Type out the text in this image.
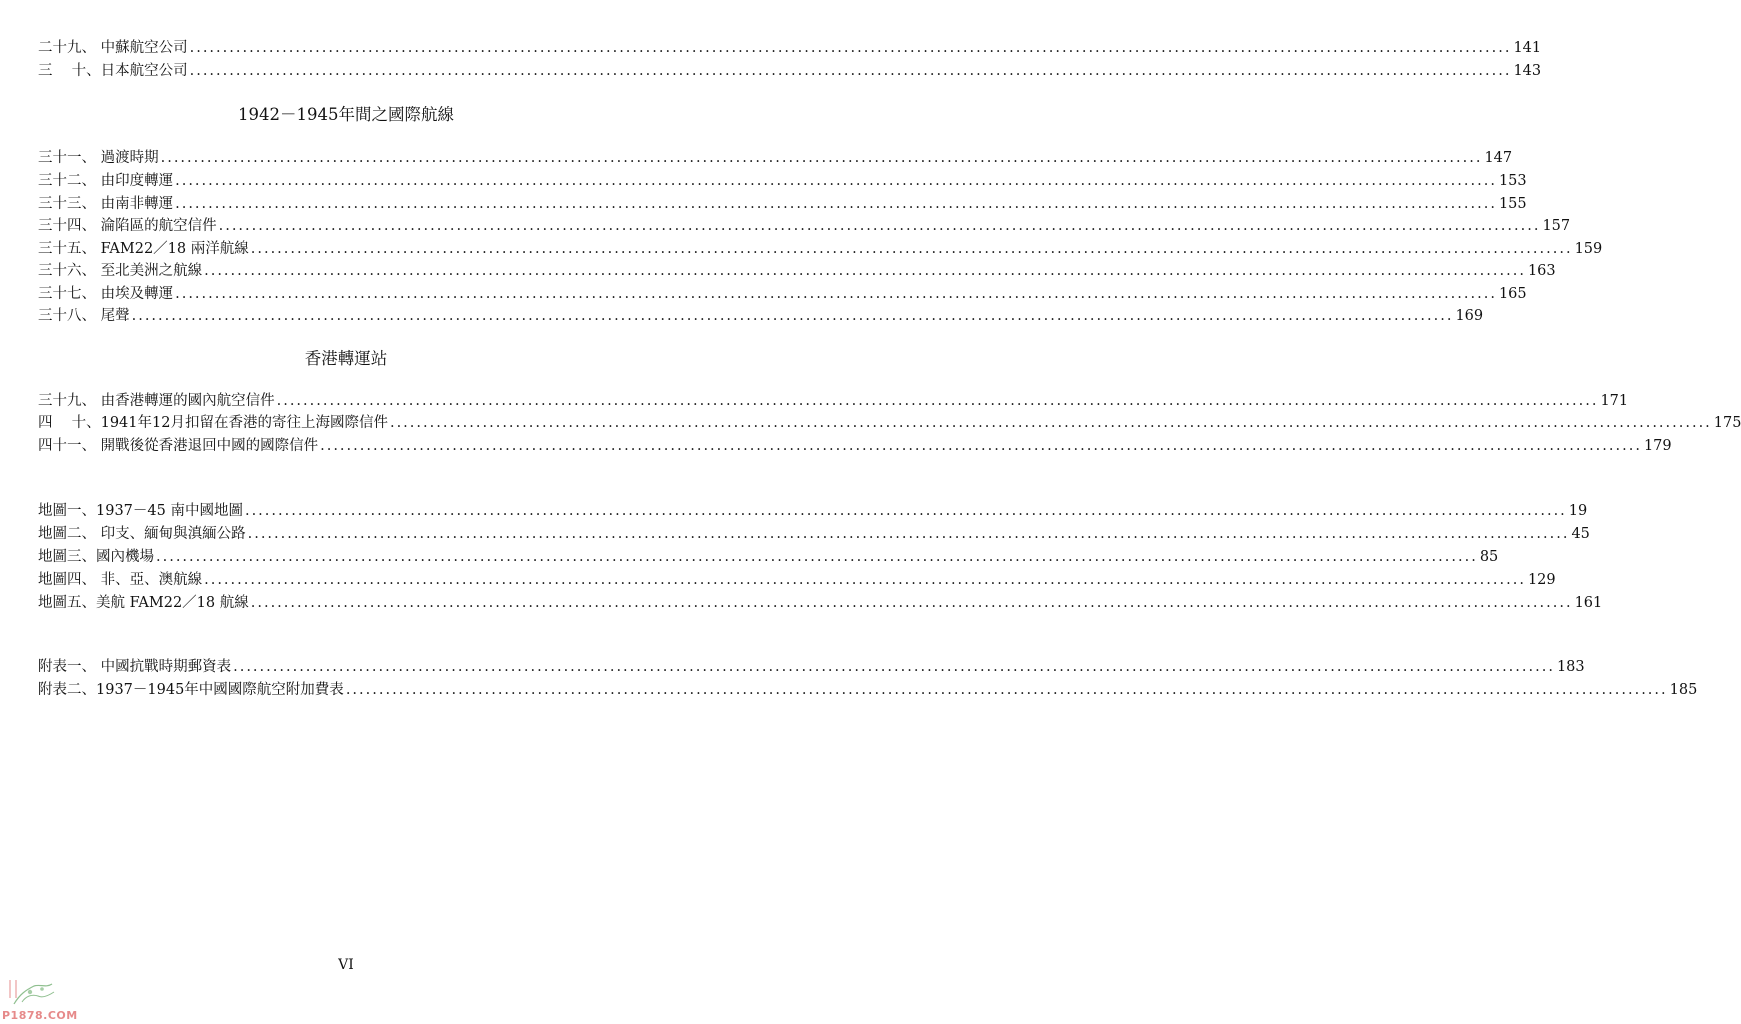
二十九、 中蘇航空公司 ........................................................................................................................................................................................................ 141
三　 十、日本航空公司 ........................................................................................................................................................................................................ 143
1942－1945年間之國際航線
三十一、 過渡時期 ........................................................................................................................................................................................................ 147
三十二、 由印度轉運 ........................................................................................................................................................................................................ 153
三十三、 由南非轉運 ........................................................................................................................................................................................................ 155
三十四、 淪陷區的航空信件 ........................................................................................................................................................................................................ 157
三十五、 FAM22／18 兩洋航線 ........................................................................................................................................................................................................ 159
三十六、 至北美洲之航線 ........................................................................................................................................................................................................ 163
三十七、 由埃及轉運 ........................................................................................................................................................................................................ 165
三十八、 尾聲 ........................................................................................................................................................................................................ 169
香港轉運站
三十九、 由香港轉運的國內航空信件 ........................................................................................................................................................................................................ 171
四　 十、1941年12月扣留在香港的寄往上海國際信件 ........................................................................................................................................................................................................ 175
四十一、 開戰後從香港退回中國的國際信件 ........................................................................................................................................................................................................ 179
地圖一、1937－45 南中國地圖 ........................................................................................................................................................................................................ 19
地圖二、 印支、緬甸與滇緬公路 ........................................................................................................................................................................................................ 45
地圖三、國內機場 ........................................................................................................................................................................................................ 85
地圖四、 非、亞、澳航線 ........................................................................................................................................................................................................ 129
地圖五、美航 FAM22／18 航線 ........................................................................................................................................................................................................ 161
附表一、 中國抗戰時期郵資表 ........................................................................................................................................................................................................ 183
附表二、1937－1945年中國國際航空附加費表 ........................................................................................................................................................................................................ 185
VI
P1878.COM
